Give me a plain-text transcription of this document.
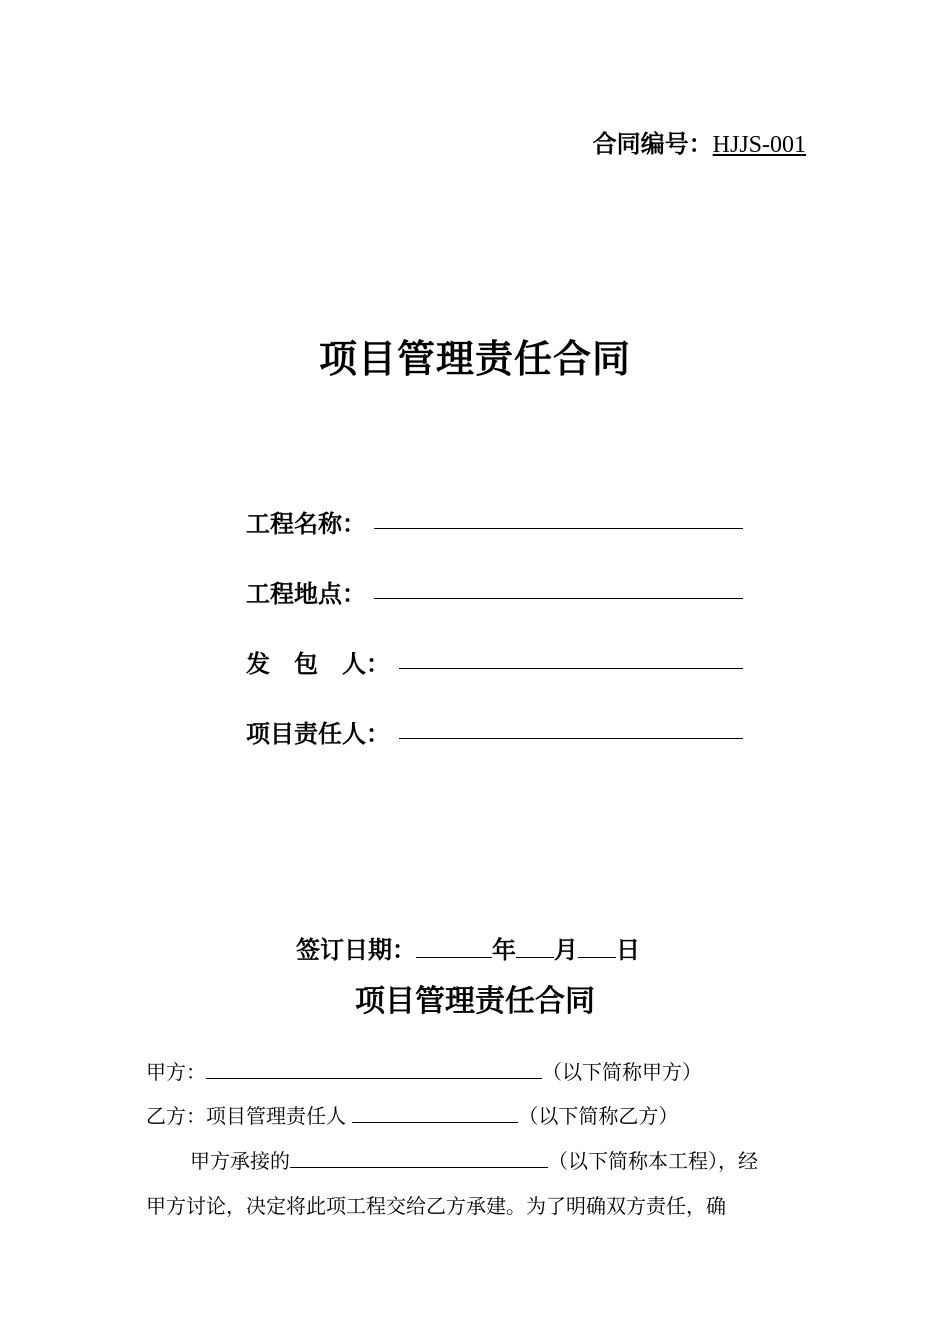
合同编号：HJJS-001
项目管理责任合同
工程名称：
工程地点：
发　包　人：
项目责任人：
签订日期：	年 月 日
项目管理责任合同
甲方：	（以下简称甲方）
乙方：项目管理责任人	（以下简称乙方）
甲方承接的	（以下简称本工程），经
甲方讨论，决定将此项工程交给乙方承建。为了明确双方责任，确
